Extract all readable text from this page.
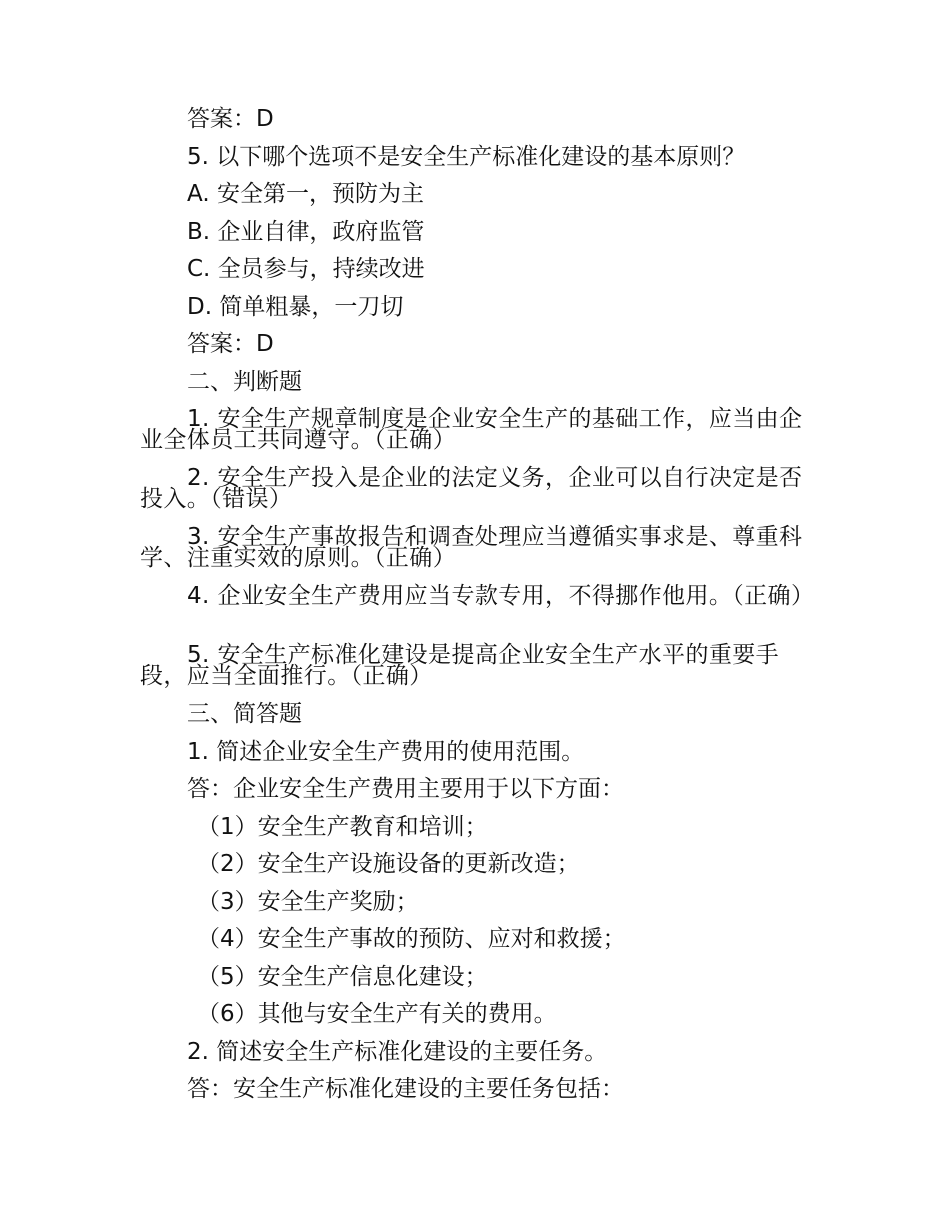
答案：D
5. 以下哪个选项不是安全生产标准化建设的基本原则？
A. 安全第一，预防为主
B. 企业自律，政府监管
C. 全员参与，持续改进
D. 简单粗暴，一刀切
答案：D
二、判断题
1. 安全生产规章制度是企业安全生产的基础工作，应当由企业全体员工共同遵守。（正确）
2. 安全生产投入是企业的法定义务，企业可以自行决定是否投入。（错误）
3. 安全生产事故报告和调查处理应当遵循实事求是、尊重科学、注重实效的原则。（正确）
4. 企业安全生产费用应当专款专用，不得挪作他用。（正确）
5. 安全生产标准化建设是提高企业安全生产水平的重要手段，应当全面推行。（正确）
三、简答题
1. 简述企业安全生产费用的使用范围。
答：企业安全生产费用主要用于以下方面：
（1）安全生产教育和培训；
（2）安全生产设施设备的更新改造；
（3）安全生产奖励；
（4）安全生产事故的预防、应对和救援；
（5）安全生产信息化建设；
（6）其他与安全生产有关的费用。
2. 简述安全生产标准化建设的主要任务。
答：安全生产标准化建设的主要任务包括：
